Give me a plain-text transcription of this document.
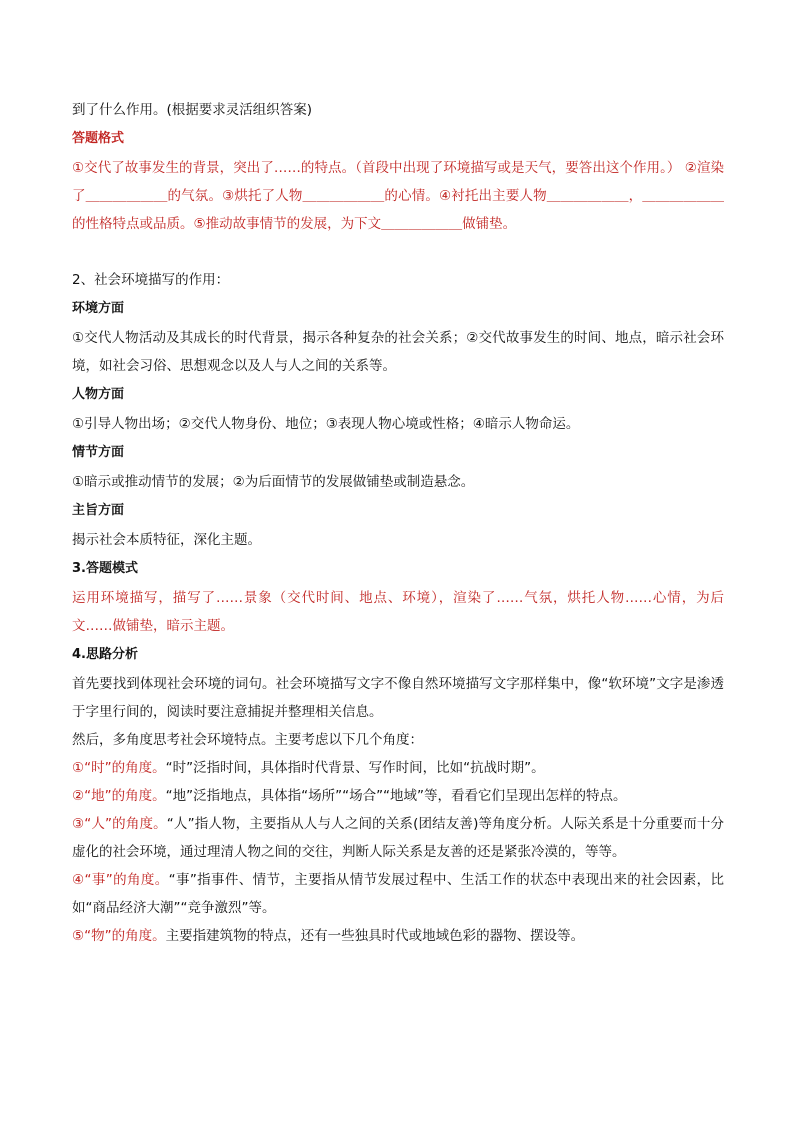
到了什么作用。(根据要求灵活组织答案)

答题格式

①交代了故事发生的背景，突出了……的特点。（首段中出现了环境描写或是天气，要答出这个作用。） ②渲染了＿＿＿＿＿＿的气氛。③烘托了人物＿＿＿＿＿＿的心情。④衬托出主要人物＿＿＿＿＿＿，＿＿＿＿＿＿的性格特点或品质。⑤推动故事情节的发展，为下文＿＿＿＿＿＿做铺垫。

2、社会环境描写的作用：

环境方面

①交代人物活动及其成长的时代背景，揭示各种复杂的社会关系；②交代故事发生的时间、地点，暗示社会环境，如社会习俗、思想观念以及人与人之间的关系等。

人物方面

①引导人物出场；②交代人物身份、地位；③表现人物心境或性格；④暗示人物命运。

情节方面

①暗示或推动情节的发展；②为后面情节的发展做铺垫或制造悬念。

主旨方面

揭示社会本质特征，深化主题。

3.答题模式

运用环境描写，描写了……景象（交代时间、地点、环境），渲染了……气氛，烘托人物……心情，为后文……做铺垫，暗示主题。

4.思路分析

首先要找到体现社会环境的词句。社会环境描写文字不像自然环境描写文字那样集中，像“软环境”文字是渗透于字里行间的，阅读时要注意捕捉并整理相关信息。

然后，多角度思考社会环境特点。主要考虑以下几个角度：

①“时”的角度。“时”泛指时间，具体指时代背景、写作时间，比如“抗战时期”。

②“地”的角度。“地”泛指地点，具体指“场所”“场合”“地域”等，看看它们呈现出怎样的特点。

③“人”的角度。“人”指人物，主要指从人与人之间的关系(团结友善)等角度分析。人际关系是十分重要而十分虚化的社会环境，通过理清人物之间的交往，判断人际关系是友善的还是紧张冷漠的，等等。

④“事”的角度。“事”指事件、情节，主要指从情节发展过程中、生活工作的状态中表现出来的社会因素，比如“商品经济大潮”“竞争激烈”等。

⑤“物”的角度。主要指建筑物的特点，还有一些独具时代或地域色彩的器物、摆设等。
